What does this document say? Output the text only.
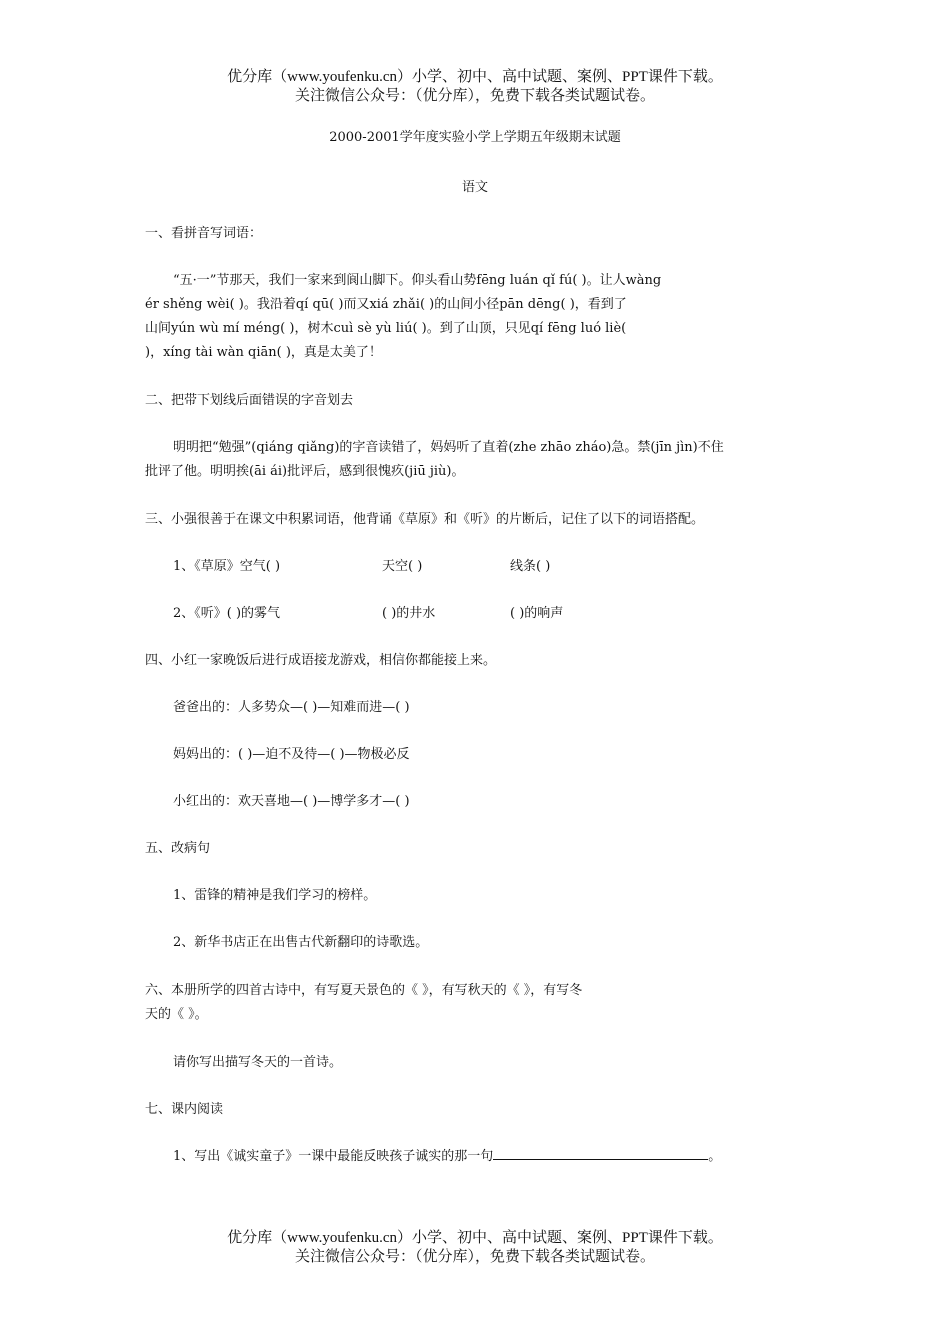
优分库（www.youfenku.cn）小学、初中、高中试题、案例、PPT课件下载。
关注微信公众号：（优分库），免费下载各类试题试卷。
2000-2001学年度实验小学上学期五年级期末试题
语文
一、看拼音写词语：
“五·一”节那天，我们一家来到阆山脚下。仰头看山势fēng luán qǐ fú( )。让人wàng
ér shěng wèi( )。我沿着qí qū( )而又xiá zhǎi( )的山间小径pān dēng( )，看到了
山间yún wù mí méng( )，树木cuì sè yù liú( )。到了山顶，只见qí fēng luó liè(
)，xíng tài wàn qiān( )，真是太美了！
二、把带下划线后面错误的字音划去
明明把“勉强”(qiáng qiǎng)的字音读错了，妈妈听了直着(zhe zhāo zháo)急。禁(jīn jìn)不住
批评了他。明明挨(āi ái)批评后，感到很愧疚(jiū jiù)。
三、小强很善于在课文中积累词语，他背诵《草原》和《听》的片断后，记住了以下的词语搭配。
1、《草原》空气( )	天空( )	线条( )
2、《听》( )的雾气	( )的井水	( )的响声
四、小红一家晚饭后进行成语接龙游戏，相信你都能接上来。
爸爸出的：人多势众—( )—知难而进—( )
妈妈出的：( )—迫不及待—( )—物极必反
小红出的：欢天喜地—( )—博学多才—( )
五、改病句
1、雷锋的精神是我们学习的榜样。
2、新华书店正在出售古代新翻印的诗歌选。
六、本册所学的四首古诗中，有写夏天景色的《 》，有写秋天的《 》，有写冬
天的《 》。
请你写出描写冬天的一首诗。
七、课内阅读
1、写出《诚实童子》一课中最能反映孩子诚实的那一句	。
优分库（www.youfenku.cn）小学、初中、高中试题、案例、PPT课件下载。
关注微信公众号：（优分库），免费下载各类试题试卷。
